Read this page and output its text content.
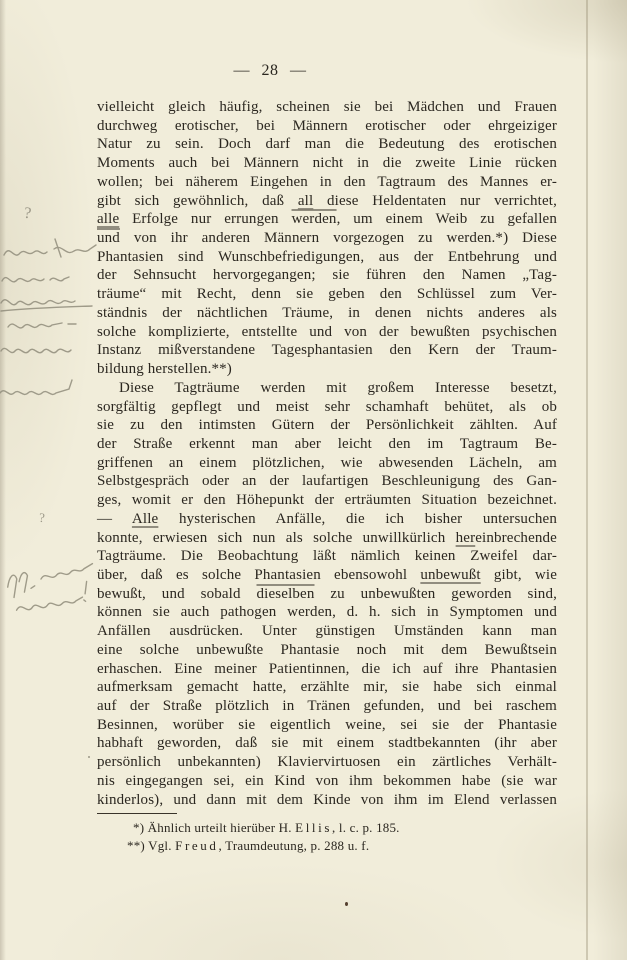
— 28 —
vielleicht gleich häufig, scheinen sie bei Mädchen und Frauen
durchweg erotischer, bei Männern erotischer oder ehrgeiziger
Natur zu sein. Doch darf man die Bedeutung des erotischen
Moments auch bei Männern nicht in die zweite Linie rücken
wollen; bei näherem Eingehen in den Tagtraum des Mannes er-
gibt sich gewöhnlich, daß all diese Heldentaten nur verrichtet,
alle Erfolge nur errungen werden, um einem Weib zu gefallen
$\overline{und}$ von ihr anderen Männern vorgezogen zu werden.*) Diese
Phantasien sind Wunschbefriedigungen, aus der Entbehrung und
der Sehnsucht hervorgegangen; sie führen den Namen „Tag-
träume“ mit Recht, denn sie geben den Schlüssel zum Ver-
ständnis der nächtlichen Träume, in denen nichts anderes als
solche komplizierte, entstellte und von der bewußten psychischen
Instanz mißverstandene Tagesphantasien den Kern der Traum-
bildung herstellen.**)
Diese Tagträume werden mit großem Interesse besetzt,
sorgfältig gepflegt und meist sehr schamhaft behütet, als ob
sie zu den intimsten Gütern der Persönlichkeit zählten. Auf
der Straße erkennt man aber leicht den im Tagtraum Be-
griffenen an einem plötzlichen, wie abwesenden Lächeln, am
Selbstgespräch oder an der laufartigen Beschleunigung des Gan-
ges, womit er den Höhepunkt der erträumten Situation bezeichnet.
— Alle hysterischen Anfälle, die ich bisher untersuchen
konnte, erwiesen sich nun als solche unwillkürlich hereinbrechende
Tagträume. Die Beobachtung läßt nämlich keinen Zweifel dar-
über, daß es solche Phantasien ebensowohl unbewußt gibt, wie
bewußt, und sobald dieselben zu unbewußten geworden sind,
können sie auch pathogen werden, d. h. sich in Symptomen und
Anfällen ausdrücken. Unter günstigen Umständen kann man
eine solche unbewußte Phantasie noch mit dem Bewußtsein
erhaschen. Eine meiner Patientinnen, die ich auf ihre Phantasien
aufmerksam gemacht hatte, erzählte mir, sie habe sich einmal
auf der Straße plötzlich in Tränen gefunden, und bei raschem
Besinnen, worüber sie eigentlich weine, sei sie der Phantasie
habhaft geworden, daß sie mit einem stadtbekannten (ihr aber
persönlich unbekannten) Klaviervirtuosen ein zärtliches Verhält-
nis eingegangen sei, ein Kind von ihm bekommen habe (sie war
kinderlos), und dann mit dem Kinde von ihm im Elend verlassen
*) Ähnlich urteilt hierüber H. Ellis, l. c. p. 185.
**) Vgl. Freud, Traumdeutung, p. 288 u. f.
?
?
